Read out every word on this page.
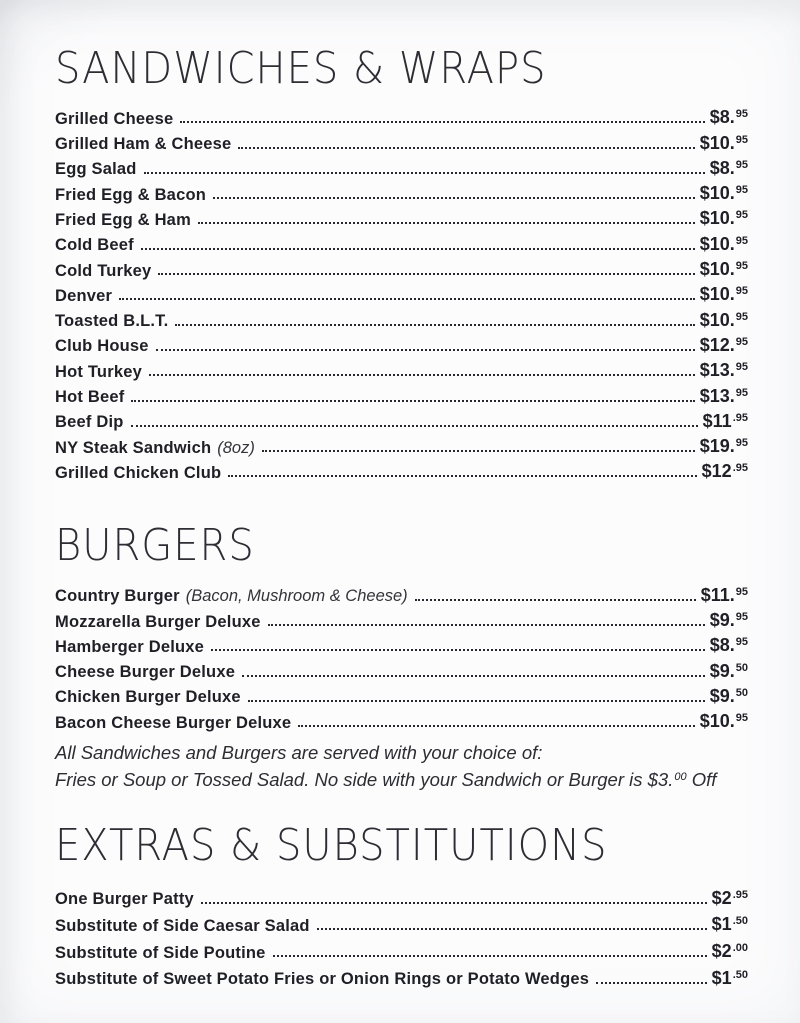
SANDWICHES & WRAPS
Grilled Cheese	$8.95
Grilled Ham & Cheese	$10.95
Egg Salad	$8.95
Fried Egg & Bacon	$10.95
Fried Egg & Ham	$10.95
Cold Beef	$10.95
Cold Turkey	$10.95
Denver	$10.95
Toasted B.L.T.	$10.95
Club House	$12.95
Hot Turkey	$13.95
Hot Beef	$13.95
Beef Dip	$11.95
NY Steak Sandwich (8oz)	$19.95
Grilled Chicken Club	$12.95
BURGERS
Country Burger (Bacon, Mushroom & Cheese)	$11.95
Mozzarella Burger Deluxe	$9.95
Hamberger Deluxe	$8.95
Cheese Burger Deluxe	$9.50
Chicken Burger Deluxe	$9.50
Bacon Cheese Burger Deluxe	$10.95
All Sandwiches and Burgers are served with your choice of:
Fries or Soup or Tossed Salad. No side with your Sandwich or Burger is $3.00 Off
EXTRAS & SUBSTITUTIONS
One Burger Patty	$2.95
Substitute of Side Caesar Salad	$1.50
Substitute of Side Poutine	$2.00
Substitute of Sweet Potato Fries or Onion Rings or Potato Wedges	$1.50
